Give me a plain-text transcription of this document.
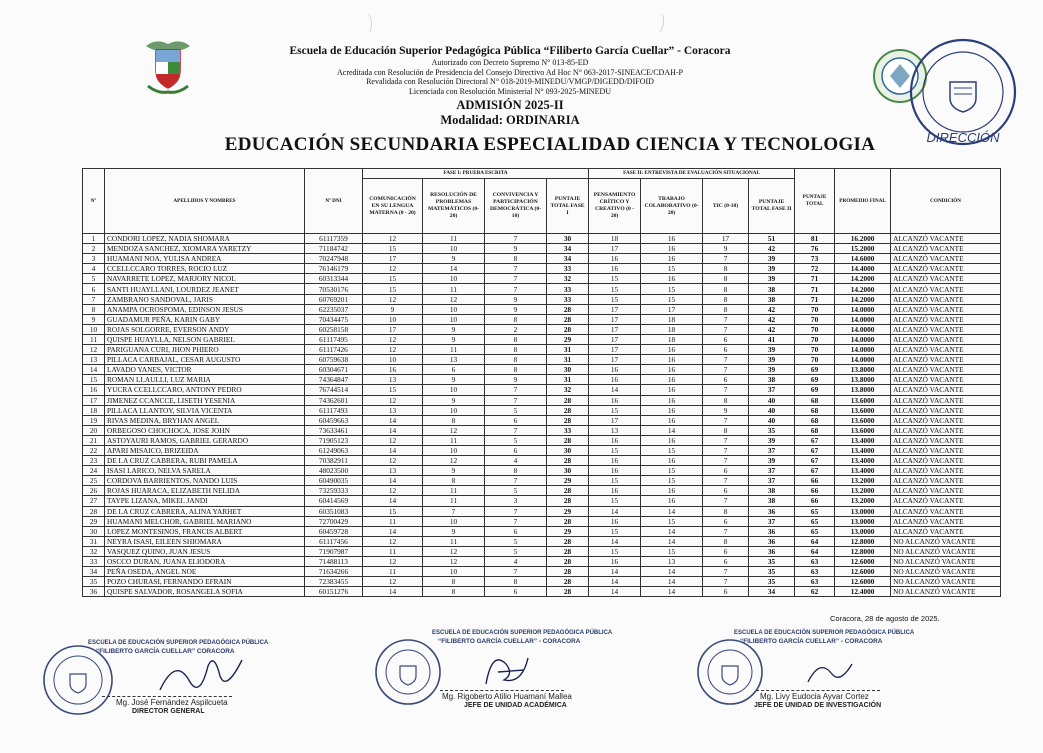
Escuela de Educación Superior Pedagógica Pública “Filiberto García Cuellar” - Coracora
Autorizado con Decreto Supremo N° 013-85-ED
Acreditada con Resolución de Presidencia del Consejo Directivo Ad Hoc N° 063-2017-SINEACE/CDAH-P
Revalidada con Resolución Directoral N° 018-2019-MINEDU/VMGP/DIGEDD/DIFOID
Licenciada con Resolución Ministerial N° 093-2025-MINEDU
ADMISIÓN 2025-II
Modalidad: ORDINARIA
DIRECCIÓN
EDUCACIÓN SECUNDARIA ESPECIALIDAD CIENCIA Y TECNOLOGIA
Nº	APELLIDOS Y NOMBRES	Nº DNI	FASE I: PRUEBA ESCRITA				FASE II: ENTREVISTA DE EVALUACIÓN SITUACIONAL				PUNTAJE TOTAL	PROMEDIO FINAL	CONDICIÓN
			COMUNICACIÓN EN SU LENGUA MATERNA (0 - 20)	RESOLUCIÓN DE PROBLEMAS MATEMÁTICOS (0-20)	CONVIVENCIA Y PARTICIPACIÓN DEMOCRÁTICA (0-10)	PUNTAJE TOTAL FASE I	PENSAMIENTO CRÍTICO Y CREATIVO (0 - 20)	TRABAJO COLABORATIVO (0-20)	TIC (0-10)	PUNTAJE TOTAL FASE II			
1	CONDORI LOPEZ, NADIA SHOMARA	61117359	12	11	7	30	18	16	17	51	81	16.2000	ALCANZÓ VACANTE
2	MENDOZA SANCHEZ, XIOMARA YARETZY	71184742	15	10	9	34	17	16	9	42	76	15.2000	ALCANZÓ VACANTE
3	HUAMANI NOA, YULISA ANDREA	70247948	17	9	8	34	16	16	7	39	73	14.6000	ALCANZÓ VACANTE
4	CCELLCCARO TORRES, ROCIO LUZ	76146179	12	14	7	33	16	15	8	39	72	14.4000	ALCANZÓ VACANTE
5	NAVARRETE LOPEZ, MARJORY NICOL	60313344	15	10	7	32	15	16	8	39	71	14.2000	ALCANZÓ VACANTE
6	SANTI HUAYLLANI, LOURDEZ JEANET	70530176	15	11	7	33	15	15	8	38	71	14.2000	ALCANZÓ VACANTE
7	ZAMBRANO SANDOVAL, JARIS	60769201	12	12	9	33	15	15	8	38	71	14.2000	ALCANZÓ VACANTE
8	ANAMPA OCROSPOMA, EDINSON JESUS	62235037	9	10	9	28	17	17	8	42	70	14.0000	ALCANZÓ VACANTE
9	GUADAMUR PEÑA, KARIN GABY	70434475	10	10	8	28	17	18	7	42	70	14.0000	ALCANZÓ VACANTE
10	ROJAS SOLGORRE, EVERSON ANDY	60258158	17	9	2	28	17	18	7	42	70	14.0000	ALCANZÓ VACANTE
11	QUISPE HUAYLLA, NELSON GABRIEL	61117495	12	9	8	29	17	18	6	41	70	14.0000	ALCANZÓ VACANTE
12	PARIGUANA CURI, JHON PHIERO	61117426	12	11	8	31	17	16	6	39	70	14.0000	ALCANZÓ VACANTE
13	PILLACA CARBAJAL, CESAR AUGUSTO	60759638	10	13	8	31	17	16	7	39	70	14.0000	ALCANZÓ VACANTE
14	LAVADO YANES, VICTOR	60304671	16	6	8	30	16	16	7	39	69	13.8000	ALCANZÓ VACANTE
15	ROMAN LLAULLI, LUZ MARIA	74364847	13	9	9	31	16	16	6	38	69	13.8000	ALCANZÓ VACANTE
16	YUCRA CCELLCCARO, ANTONY PEDRO	76744514	15	10	7	32	14	16	7	37	69	13.8000	ALCANZÓ VACANTE
17	JIMENEZ CCANCCE, LISETH YESENIA	74362601	12	9	7	28	16	16	8	40	68	13.6000	ALCANZÓ VACANTE
18	PILLACA LLANTOY, SILVIA VICENTA	61117493	13	10	5	28	15	16	9	40	68	13.6000	ALCANZÓ VACANTE
19	RIVAS MEDINA, BRYHAN ANGEL	60459663	14	8	6	28	17	16	7	40	68	13.6000	ALCANZÓ VACANTE
20	ORBEGOSO CHOCHOCA, JOSE JOHN	73633461	14	12	7	33	13	14	8	35	68	13.6000	ALCANZÓ VACANTE
21	ASTOYAURI RAMOS, GABRIEL GERARDO	71905123	12	11	5	28	16	16	7	39	67	13.4000	ALCANZÓ VACANTE
22	APARI MISAICO, BRIZEIDA	61249063	14	10	6	30	15	15	7	37	67	13.4000	ALCANZÓ VACANTE
23	DE LA CRUZ CABRERA, RUBI PAMELA	70382911	12	12	4	28	16	16	7	39	67	13.4000	ALCANZÓ VACANTE
24	ISASI LARICO, NELVA SARELA	48023500	13	9	8	30	16	15	6	37	67	13.4000	ALCANZÓ VACANTE
25	CORDOVA BARRIENTOS, NANDO LUIS	60490035	14	8	7	29	15	15	7	37	66	13.2000	ALCANZÓ VACANTE
26	ROJAS HUARACA, ELIZABETH NELIDA	73259333	12	11	5	28	16	16	6	38	66	13.2000	ALCANZÓ VACANTE
27	TAYPE LIZANA, MIKEL JANDI	60414569	14	11	3	28	15	16	7	38	66	13.2000	ALCANZÓ VACANTE
28	DE LA CRUZ CABRERA, ALINA YARHET	60351083	15	7	7	29	14	14	8	36	65	13.0000	ALCANZÓ VACANTE
29	HUAMANI MELCHOR, GABRIEL MARIANO	72700429	11	10	7	28	16	15	6	37	65	13.0000	ALCANZÓ VACANTE
30	LOPEZ MONTESINOS, FRANCIS ALBERT	60459728	14	9	6	29	15	14	7	36	65	13.0000	ALCANZÓ VACANTE
31	NEYRA ISASI, EILEEN SHIOMARA	61117456	12	11	5	28	14	14	8	36	64	12.8000	NO ALCANZÓ VACANTE
32	VASQUEZ QUINO, JUAN JESUS	71907987	11	12	5	28	15	15	6	36	64	12.8000	NO ALCANZÓ VACANTE
33	OSCCO DURAN, JUANA ELIODORA	71488113	12	12	4	28	16	13	6	35	63	12.6000	NO ALCANZÓ VACANTE
34	PEÑA OSEDA, ANGEL NOE	71634266	11	10	7	28	14	14	7	35	63	12.6000	NO ALCANZÓ VACANTE
35	POZO CHURASI, FERNANDO EFRAIN	72383455	12	8	8	28	14	14	7	35	63	12.6000	NO ALCANZÓ VACANTE
36	QUISPE SALVADOR, ROSANGELA SOFIA	60151276	14	8	6	28	14	14	6	34	62	12.4000	NO ALCANZÓ VACANTE
Coracora, 28 de agosto de 2025.
ESCUELA DE EDUCACIÓN SUPERIOR PEDAGÓGICA PÚBLICA
“FILIBERTO GARCÍA CUELLAR” CORACORA
Mg. José Fernández Aspilcueta
DIRECTOR GENERAL
ESCUELA DE EDUCACIÓN SUPERIOR PEDAGÓGICA PÚBLICA
“FILIBERTO GARCÍA CUELLAR” - CORACORA
Mg. Rigoberto Atilio Huamaní Mallea
JEFE DE UNIDAD ACADÉMICA
ESCUELA DE EDUCACIÓN SUPERIOR PEDAGÓGICA PÚBLICA
“FILIBERTO GARCÍA CUELLAR” - CORACORA
Mg. Livy Eudocia Ayvar Cortez
JEFE DE UNIDAD DE INVESTIGACIÓN
